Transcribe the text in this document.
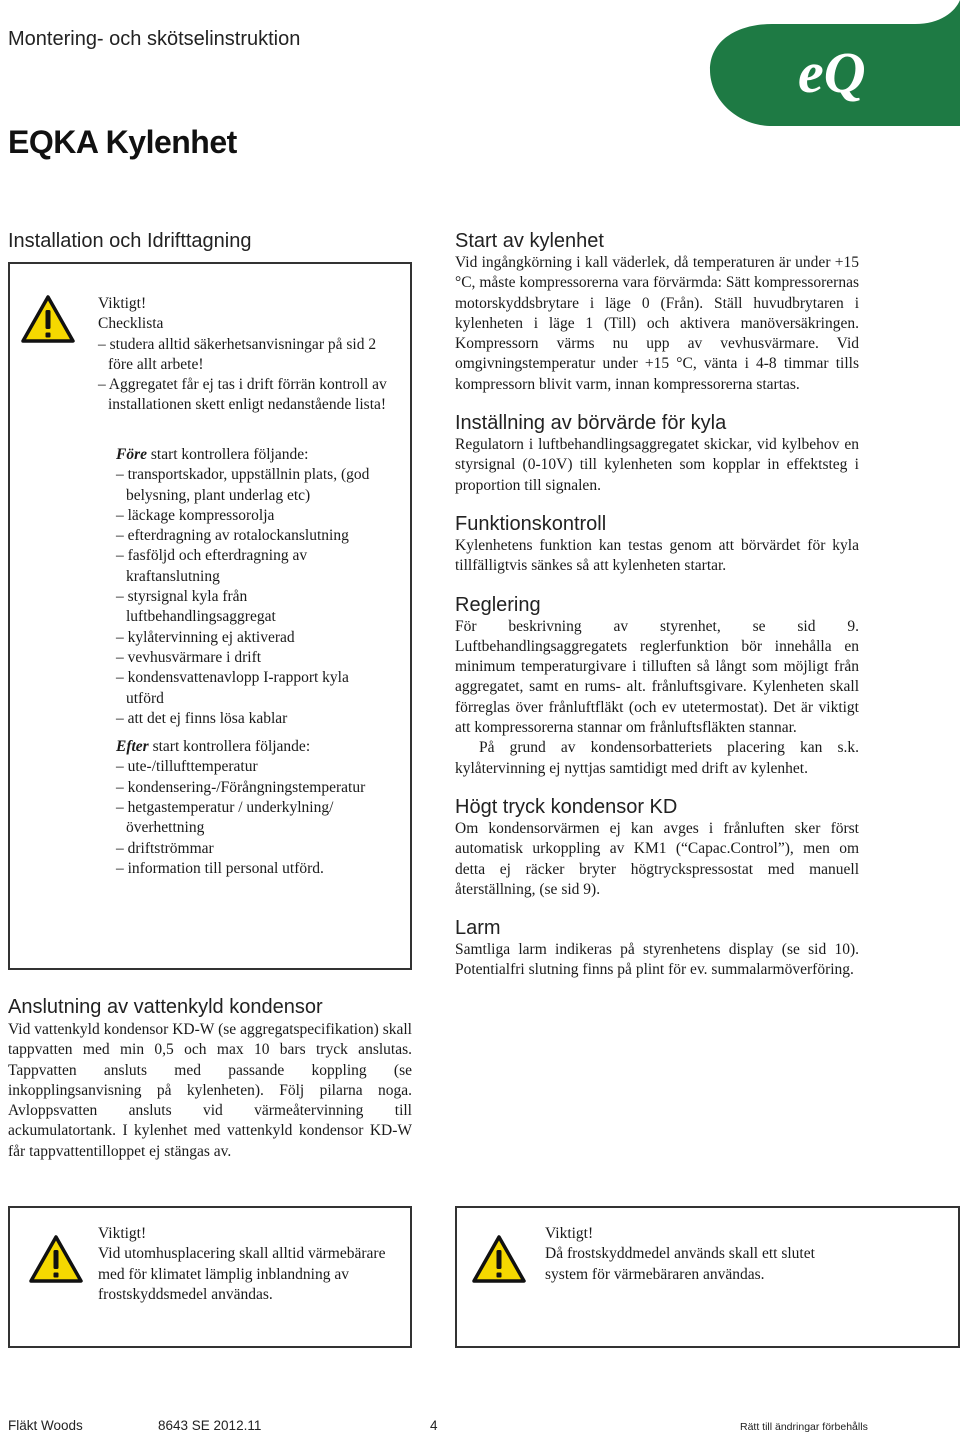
Montering- och skötselinstruktion
eQ
EQKA Kylenhet
Installation och Idrifttagning

Viktigt!

Checklista

– studera alltid säkerhetsanvisningar på sid 2 före allt arbete!
– Aggregatet får ej tas i drift förrän kontroll av installationen skett enligt nedanstående lista!

Före start kontrollera följande:

– transportskador, uppställnin plats, (god belysning, plant underlag etc)
– läckage kompressorolja
– efterdragning av rotalockanslutning
– fasföljd och efterdragning av kraftanslutning
– styrsignal kyla från luftbehandlingsaggregat
– kylåtervinning ej aktiverad
– vevhusvärmare i drift
– kondensvattenavlopp I-rapport kyla utförd
– att det ej finns lösa kablar

Efter start kontrollera följande:

– ute-/tillufttemperatur
– kondensering-/Förångningstemperatur
– hetgastemperatur / underkylning/ överhettning
– driftströmmar
– information till personal utförd.
Anslutning av vattenkyld kondensor

Vid vattenkyld kondensor KD-W (se aggregatspecifikation) skall tappvatten med min 0,5 och max 10 bars tryck anslutas. Tappvatten ansluts med passande koppling (se inkopplingsanvisning på kylenheten). Följ pilarna noga. Avloppsvatten ansluts vid värmeåtervinning till ackumulatortank. I kylenhet med vattenkyld kondensor KD-W får tappvattentilloppet ej stängas av.

Start av kylenhet

Vid ingångkörning i kall väderlek, då temperaturen är under +15 °C, måste kompressorerna vara förvärmda: Sätt kompressorernas motorskyddsbrytare i läge 0 (Från). Ställ huvudbrytaren i kylenheten i läge 1 (Till) och aktivera manöversäkringen. Kompressorn värms nu upp av vevhusvärmare. Vid omgivningstemperatur under +15 °C, vänta i 4-8 timmar tills kompressorn blivit varm, innan kompressorerna startas.

Inställning av börvärde för kyla

Regulatorn i luftbehandlingsaggregatet skickar, vid kylbehov en styrsignal (0-10V) till kylenheten som kopplar in effektsteg i proportion till signalen.

Funktionskontroll

Kylenhetens funktion kan testas genom att börvärdet för kyla tillfälligtvis sänkes så att kylenheten startar.

Reglering

För beskrivning av styrenhet, se sid 9. Luftbehandlingsaggregatets reglerfunktion bör innehålla en minimum temperaturgivare i tilluften så långt som möjligt från aggregatet, samt en rums- alt. frånluftsgivare. Kylenheten skall förreglas över frånluftfläkt (och ev utetermostat). Det är viktigt att kompressorerna stannar om frånluftsfläkten stannar.

På grund av kondensorbatteriets placering kan s.k. kylåtervinning ej nyttjas samtidigt med drift av kylenhet.

Högt tryck kondensor KD

Om kondensorvärmen ej kan avges i frånluften sker först automatisk urkoppling av KM1 (“Capac.Control”), men om detta ej räcker bryter högtryckspressostat med manuell återställning, (se sid 9).

Larm

Samtliga larm indikeras på styrenhetens display (se sid 10). Potentialfri slutning finns på plint för ev. summalarmöverföring.

Viktigt!

Vid utomhusplacering skall alltid värmebärare med för klimatet lämplig inblandning av frostskyddsmedel användas.

Viktigt!

Då frostskyddmedel används skall ett slutet system för värmebäraren användas.

Fläkt Woods	8643 SE 2012.11	4	Rätt till ändringar förbehålls
